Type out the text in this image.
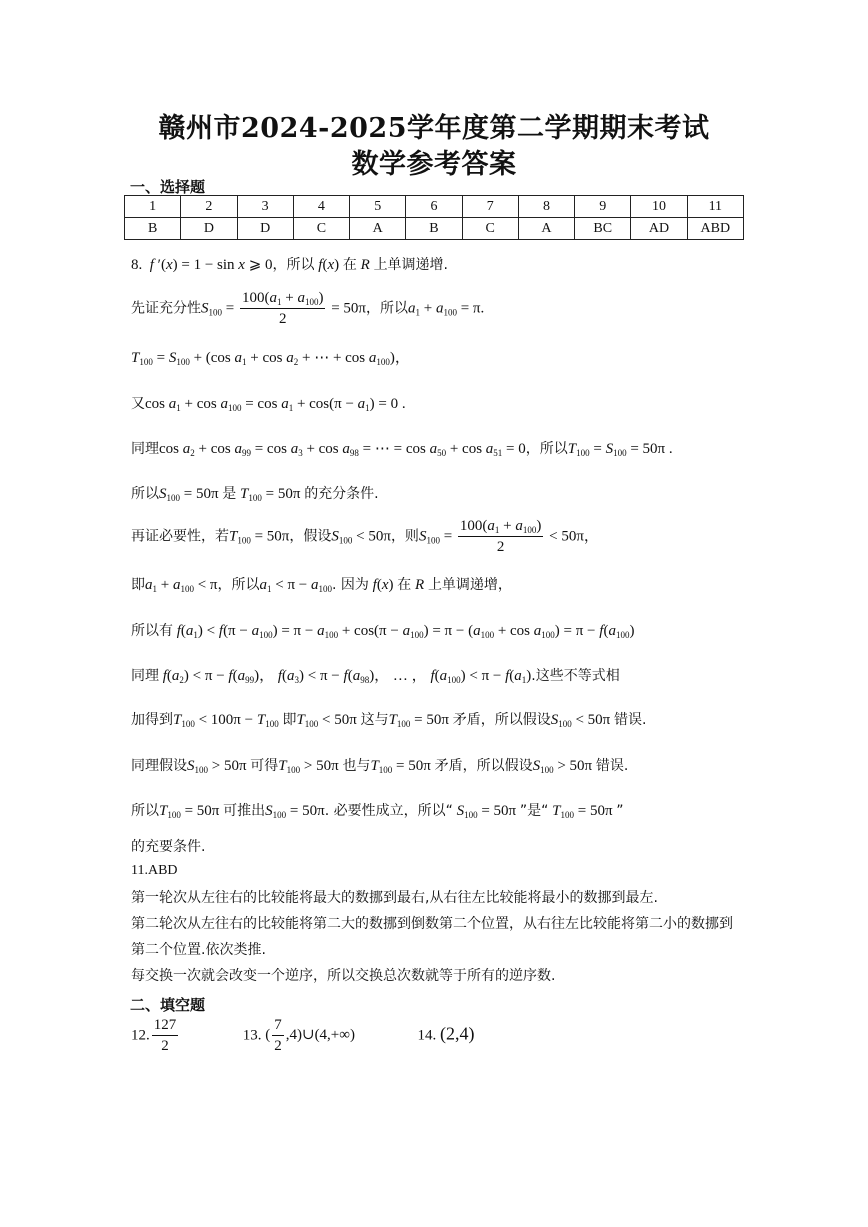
赣州市2024-2025学年度第二学期期末考试
数学参考答案
一、选择题
1	2	3	4	5	6	7	8	9	10	11
B	D	D	C	A	B	C	A	BC	AD	ABD
8.  f ′(x) = 1 − sin x ⩾ 0，所以 f(x) 在 R 上单调递增.
先证充分性$S_{100} = \frac{100(a_1 + a_{100})}{2} = 50\pi$，所以$a_1 + a_{100} = \pi$.
$T_{100} = S_{100} + (\cos$ $a_1 + \cos a_2$ + ⋯ + $\cos a_{100}$)，
又$\cos a_1 + \cos a_{100} = \cos a_1 + \cos(\pi - a_1) = 0$ .
同理$\cos a_2 + \cos a_{99} = \cos a_3 + \cos a_{98}$ = ⋯ = $\cos a_{50} + \cos a_{51} = 0$，所以$T_{100} = S_{100} = 50\pi$ .
所以$S_{100} = 50\pi$ 是 $T_{100} = 50\pi$ 的充分条件.
再证必要性，若$T_{100} = 50\pi$，假设$S_{100} < 50\pi$，则$S_{100} = \frac{100(a_1 + a_{100})}{2} < 50\pi$，
即$a_1 + a_{100} < \pi$，所以$a_1 < \pi - a_{100}$. 因为 f(x) 在 R 上单调递增，
所以有 $f(a_1) < f(\pi - a_{100}) = \pi - a_{100} + \cos(\pi - a_{100}) = \pi - (a_{100} + \cos a_{100}) = \pi - f(a_{100})$
同理 $f(a_2) < \pi - f(a_{99})$， $f(a_3) < \pi - f(a_{98})$， … ， $f(a_{100}) < \pi - f(a_1)$.这些不等式相
加得到$T_{100} < 100\pi - T_{100}$ 即$T_{100} < 50\pi$ 这与$T_{100} = 50\pi$ 矛盾，所以假设$S_{100} < 50\pi$ 错误.
同理假设$S_{100} > 50\pi$ 可得$T_{100} > 50\pi$ 也与$T_{100} = 50\pi$ 矛盾，所以假设$S_{100} > 50\pi$ 错误.
所以$T_{100} = 50\pi$ 可推出$S_{100} = 50\pi$. 必要性成立，所以“ $S_{100} = 50\pi$ ”是“ $T_{100} = 50\pi$ ”
的充要条件.
11.ABD
第一轮次从左往右的比较能将最大的数挪到最右,从右往左比较能将最小的数挪到最左.
第二轮次从左往右的比较能将第二大的数挪到倒数第二个位置，从右往左比较能将第二小的数挪到第二个位置.依次类推.
每交换一次就会改变一个逆序，所以交换总次数就等于所有的逆序数.
二、填空题
12. $\frac{127}{2}$	13. ( $\frac{7}{2}$ ,4)∪(4,+∞)	14. (2,4)
